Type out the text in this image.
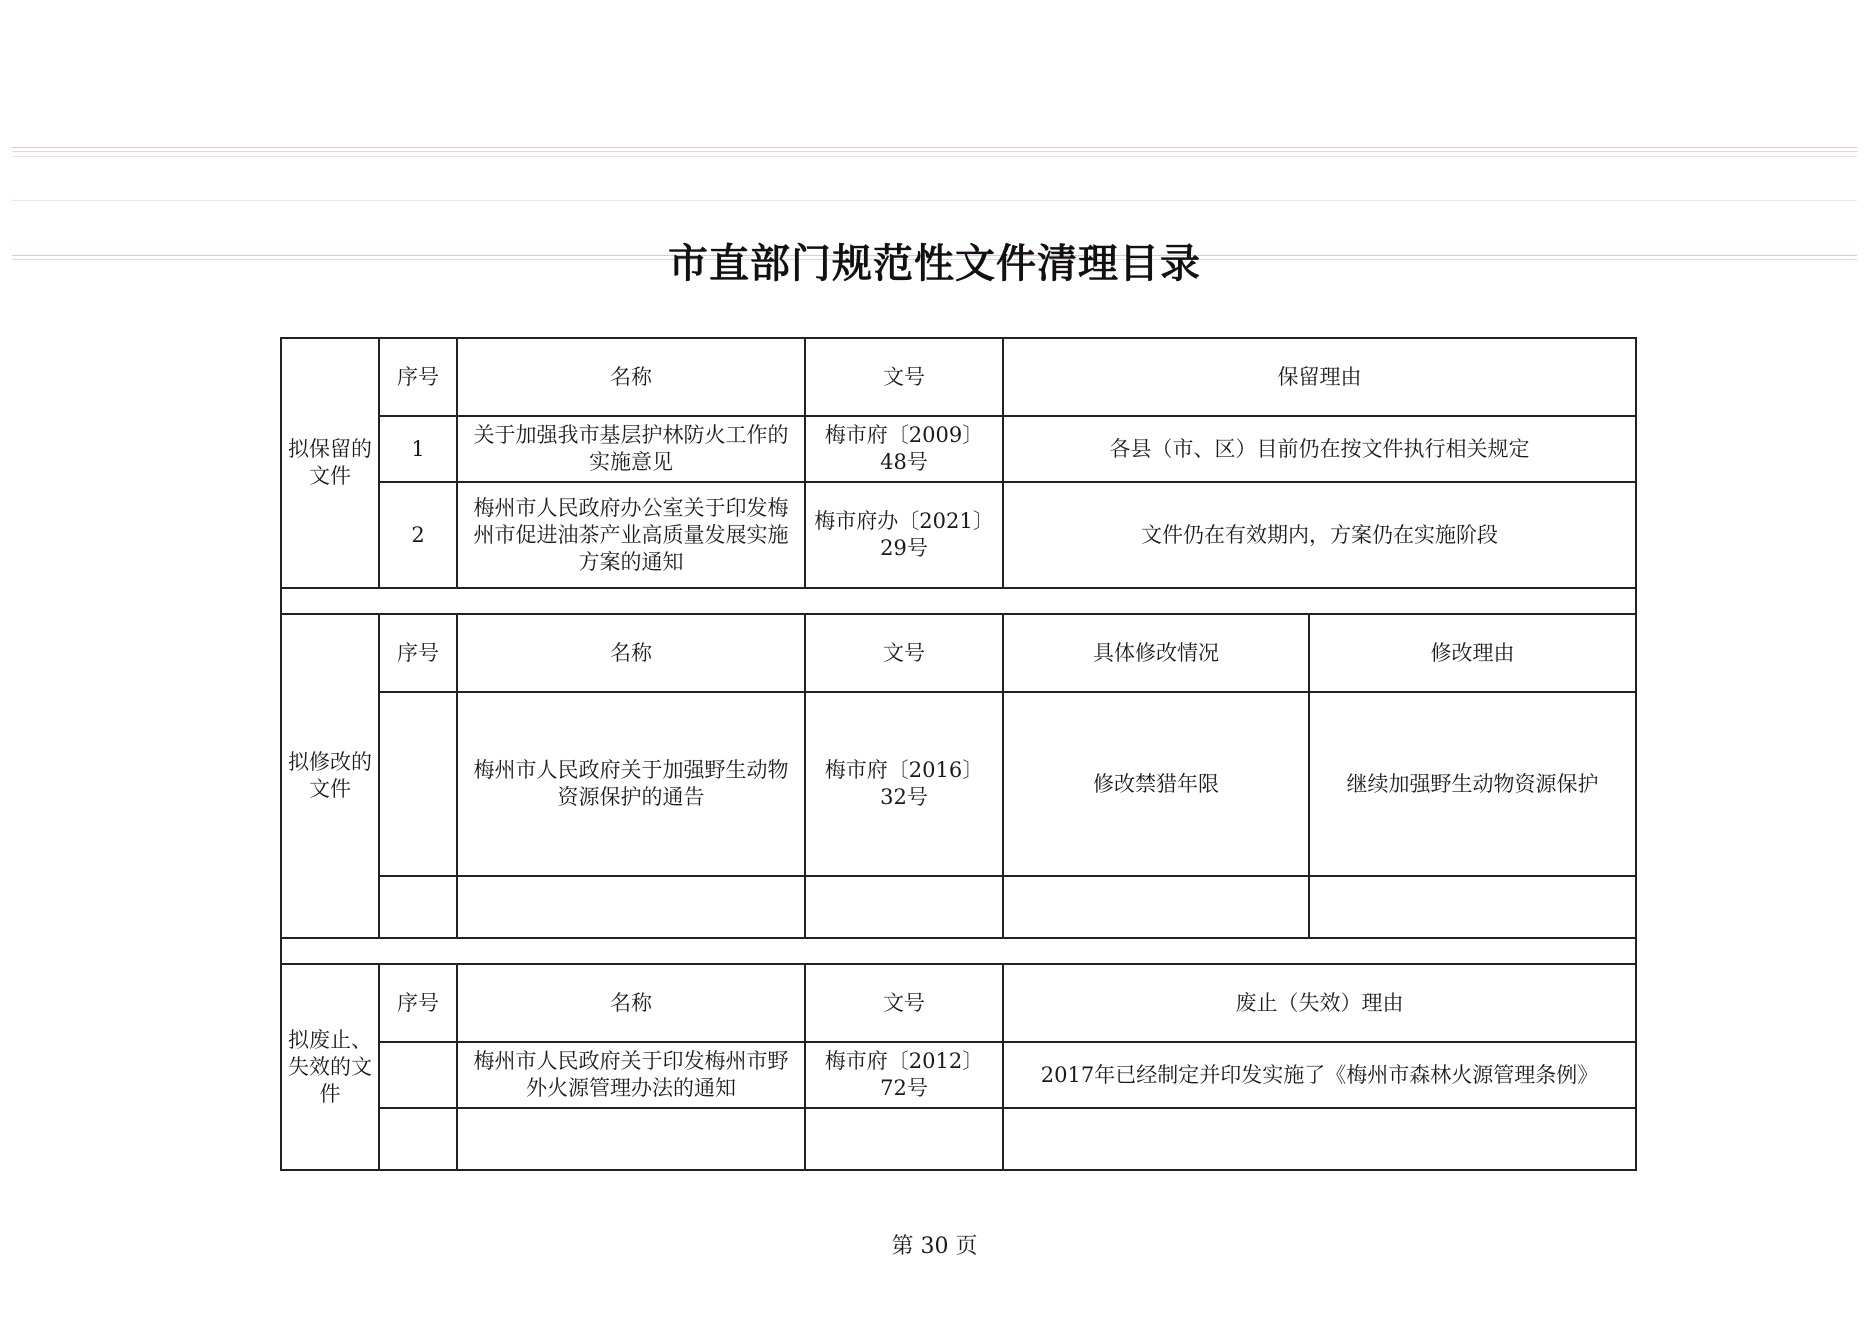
市直部门规范性文件清理目录
拟保留的文件	序号	名称	文号	保留理由	
	1	关于加强我市基层护林防火工作的实施意见	梅市府〔2009〕48号	各县（市、区）目前仍在按文件执行相关规定	
	2	梅州市人民政府办公室关于印发梅州市促进油茶产业高质量发展实施方案的通知	梅市府办〔2021〕29号	文件仍在有效期内，方案仍在实施阶段	

拟修改的文件	序号	名称	文号	具体修改情况	修改理由
		梅州市人民政府关于加强野生动物资源保护的通告	梅市府〔2016〕32号	修改禁猎年限	继续加强野生动物资源保护

拟废止、失效的文件	序号	名称	文号	废止（失效）理由	
		梅州市人民政府关于印发梅州市野外火源管理办法的通知	梅市府〔2012〕72号	2017年已经制定并印发实施了《梅州市森林火源管理条例》	

第 30 页
